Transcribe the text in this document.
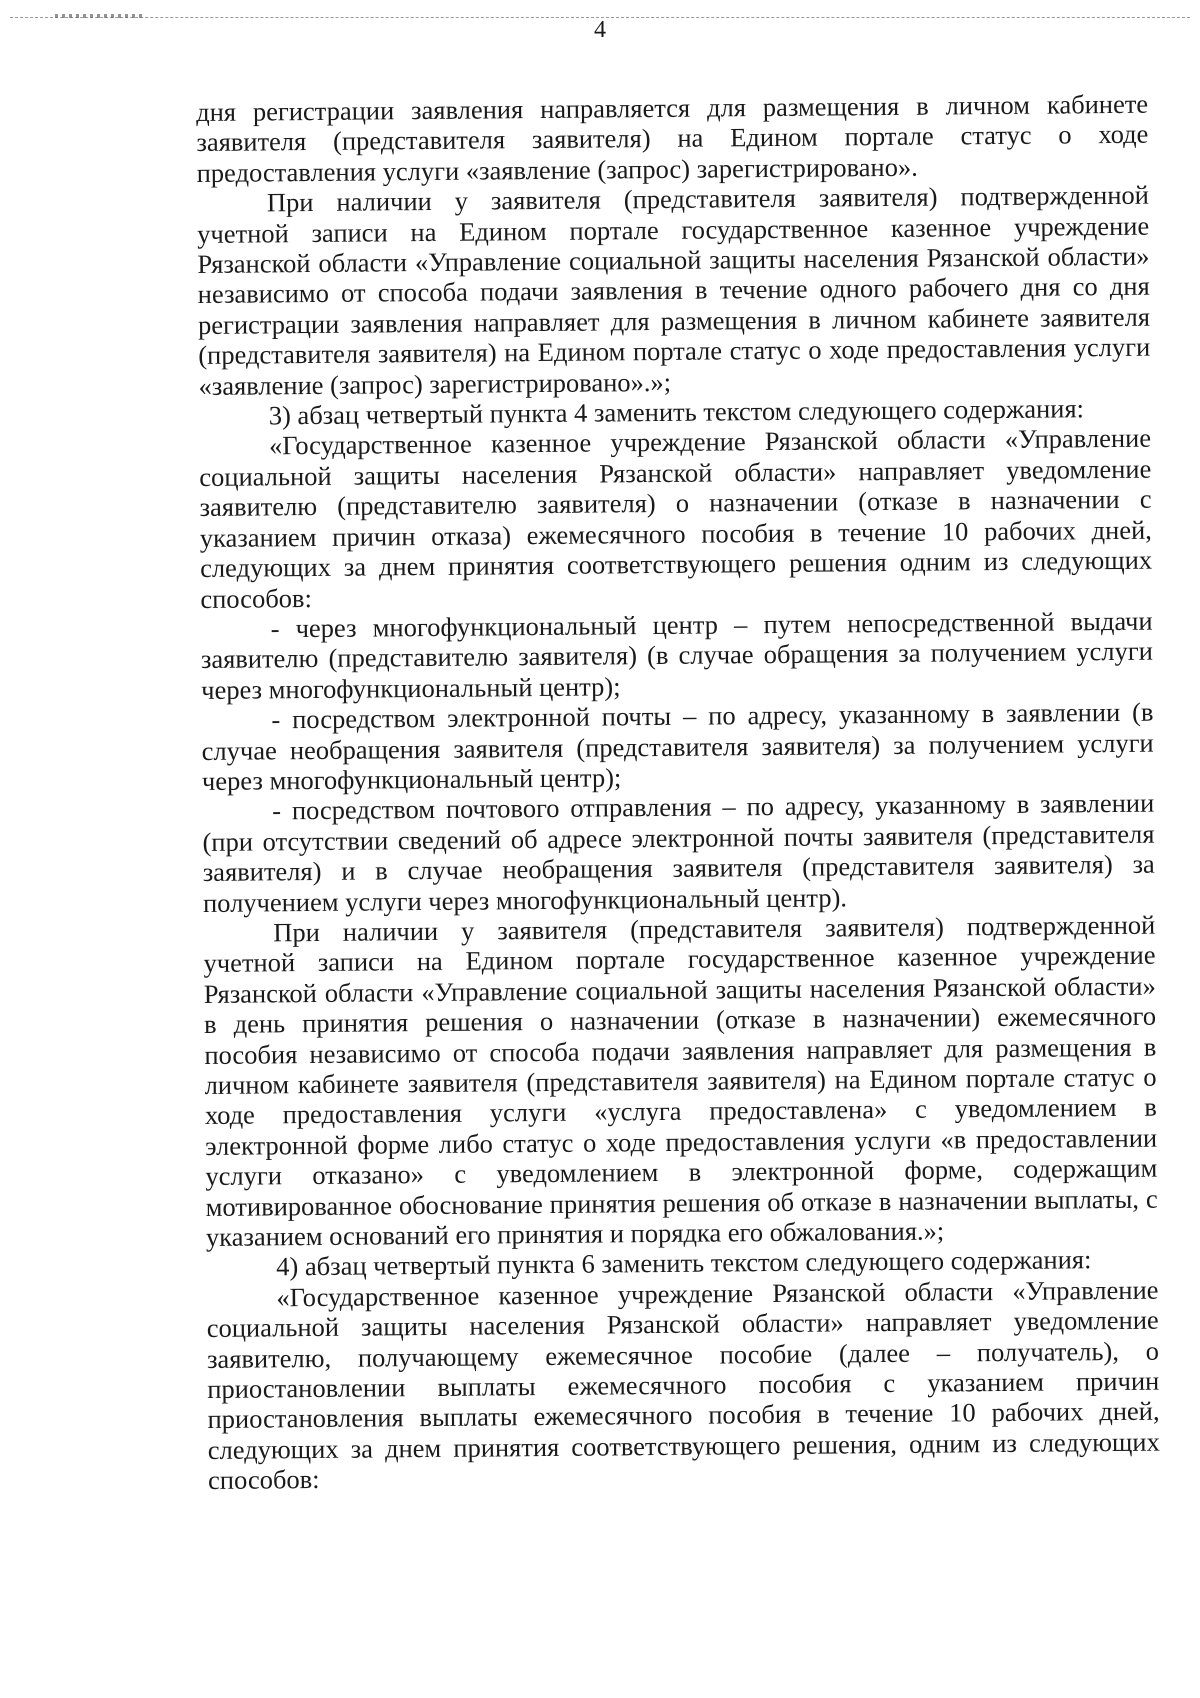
4

дня регистрации заявления направляется для размещения в личном кабинете заявителя (представителя заявителя) на Едином портале статус о ходе предоставления услуги «заявление (запрос) зарегистрировано».

При наличии у заявителя (представителя заявителя) подтвержденной учетной записи на Едином портале государственное казенное учреждение Рязанской области «Управление социальной защиты населения Рязанской области» независимо от способа подачи заявления в течение одного рабочего дня со дня регистрации заявления направляет для размещения в личном кабинете заявителя (представителя заявителя) на Едином портале статус о ходе предоставления услуги «заявление (запрос) зарегистрировано».»;

3) абзац четвертый пункта 4 заменить текстом следующего содержания:

«Государственное казенное учреждение Рязанской области «Управление социальной защиты населения Рязанской области» направляет уведомление заявителю (представителю заявителя) о назначении (отказе в назначении с указанием причин отказа) ежемесячного пособия в течение 10 рабочих дней, следующих за днем принятия соответствующего решения одним из следующих способов:

- через многофункциональный центр – путем непосредственной выдачи заявителю (представителю заявителя) (в случае обращения за получением услуги через многофункциональный центр);

- посредством электронной почты – по адресу, указанному в заявлении (в случае необращения заявителя (представителя заявителя) за получением услуги через многофункциональный центр);

- посредством почтового отправления – по адресу, указанному в заявлении (при отсутствии сведений об адресе электронной почты заявителя (представителя заявителя) и в случае необращения заявителя (представителя заявителя) за получением услуги через многофункциональный центр).

При наличии у заявителя (представителя заявителя) подтвержденной учетной записи на Едином портале государственное казенное учреждение Рязанской области «Управление социальной защиты населения Рязанской области» в день принятия решения о назначении (отказе в назначении) ежемесячного пособия независимо от способа подачи заявления направляет для размещения в личном кабинете заявителя (представителя заявителя) на Едином портале статус о ходе предоставления услуги «услуга предоставлена» с уведомлением в электронной форме либо статус о ходе предоставления услуги «в предоставлении услуги отказано» с уведомлением в электронной форме, содержащим мотивированное обоснование принятия решения об отказе в назначении выплаты, с указанием оснований его принятия и порядка его обжалования.»;

4) абзац четвертый пункта 6 заменить текстом следующего содержания:

«Государственное казенное учреждение Рязанской области «Управление социальной защиты населения Рязанской области» направляет уведомление заявителю, получающему ежемесячное пособие (далее – получатель), о приостановлении выплаты ежемесячного пособия с указанием причин приостановления выплаты ежемесячного пособия в течение 10 рабочих дней, следующих за днем принятия соответствующего решения, одним из следующих способов:
